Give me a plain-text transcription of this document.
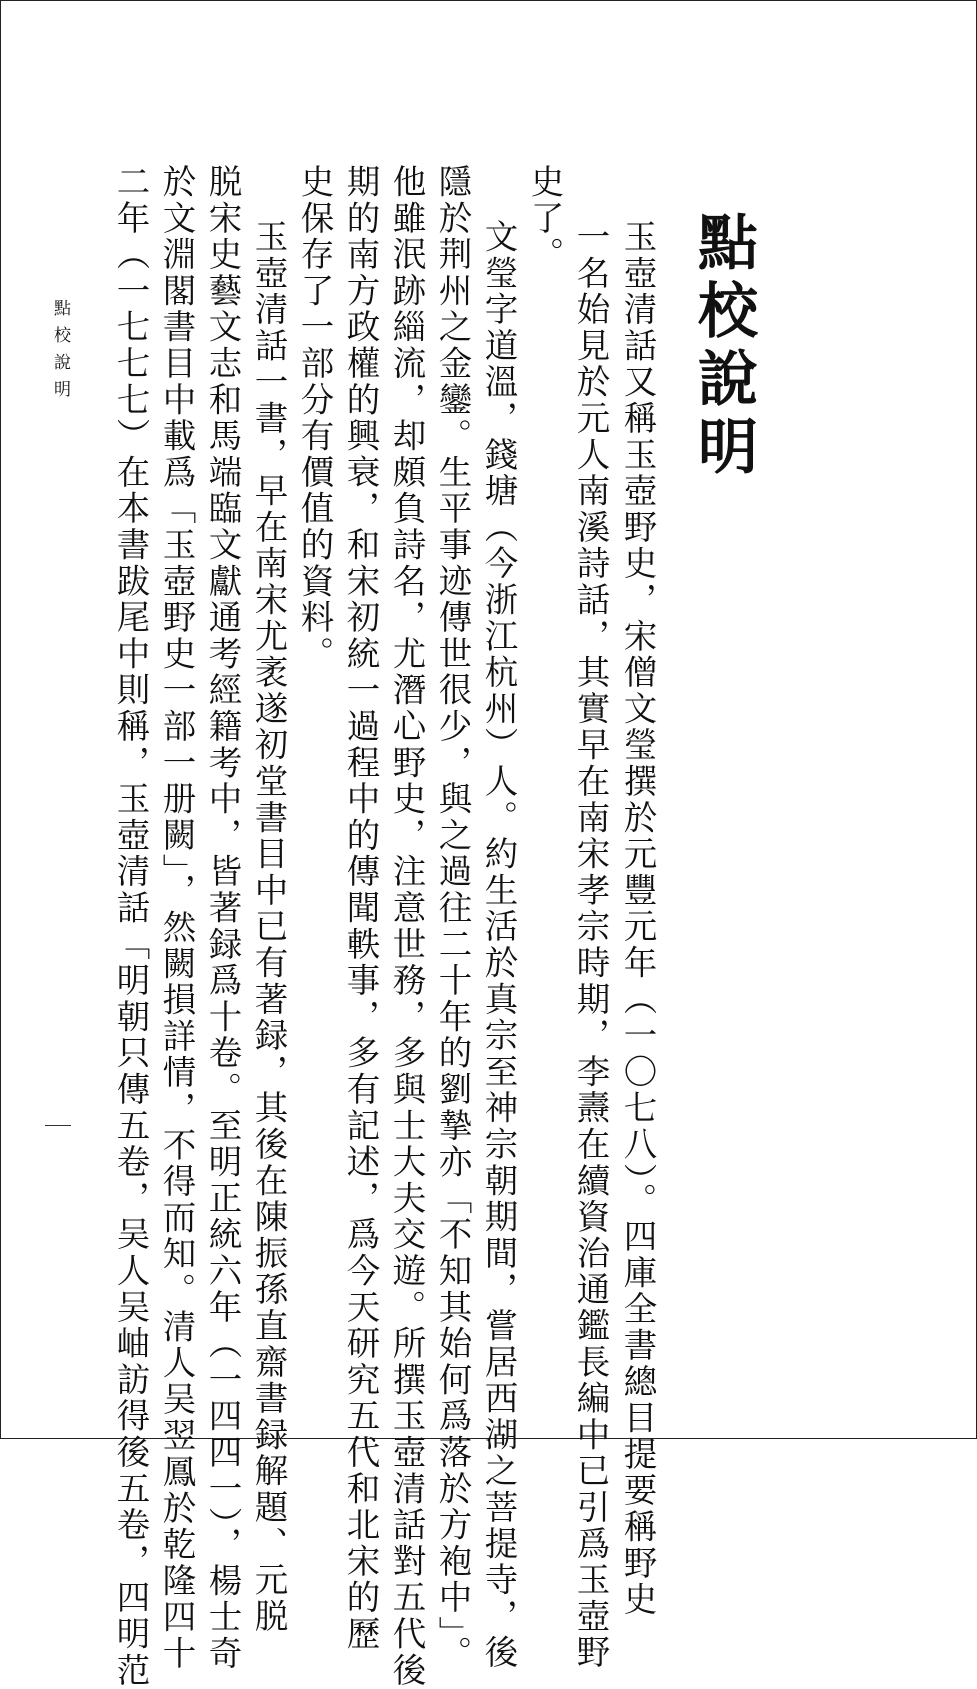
點校說明
玉壺清話又稱玉壺野史，宋僧文瑩撰於元豐元年（一〇七八）。四庫全書總目提要稱野史
一名始見於元人南溪詩話，其實早在南宋孝宗時期，李燾在續資治通鑑長編中已引爲玉壺野
史了。
文瑩字道溫，錢塘（今浙江杭州）人。約生活於真宗至神宗朝期間，嘗居西湖之菩提寺，後
隱於荆州之金鑾。生平事迹傳世很少，與之過往二十年的劉摯亦「不知其始何爲落於方袍中」。
他雖泯跡緇流，却頗負詩名，尤潛心野史，注意世務，多與士大夫交遊。所撰玉壺清話對五代後
期的南方政權的興衰，和宋初統一過程中的傳聞軼事，多有記述，爲今天研究五代和北宋的歷
史保存了一部分有價值的資料。
玉壺清話一書，早在南宋尤袤遂初堂書目中已有著録，其後在陳振孫直齋書録解題、元脱
脱宋史藝文志和馬端臨文獻通考經籍考中，皆著録爲十卷。至明正統六年（一四四一），楊士奇
於文淵閣書目中載爲「玉壺野史一部一册闕」，然闕損詳情，不得而知。清人吴翌鳳於乾隆四十
二年（一七七七）在本書跋尾中則稱，玉壺清話「明朝只傳五卷，吴人吴岫訪得後五卷，四明范
點校說明
